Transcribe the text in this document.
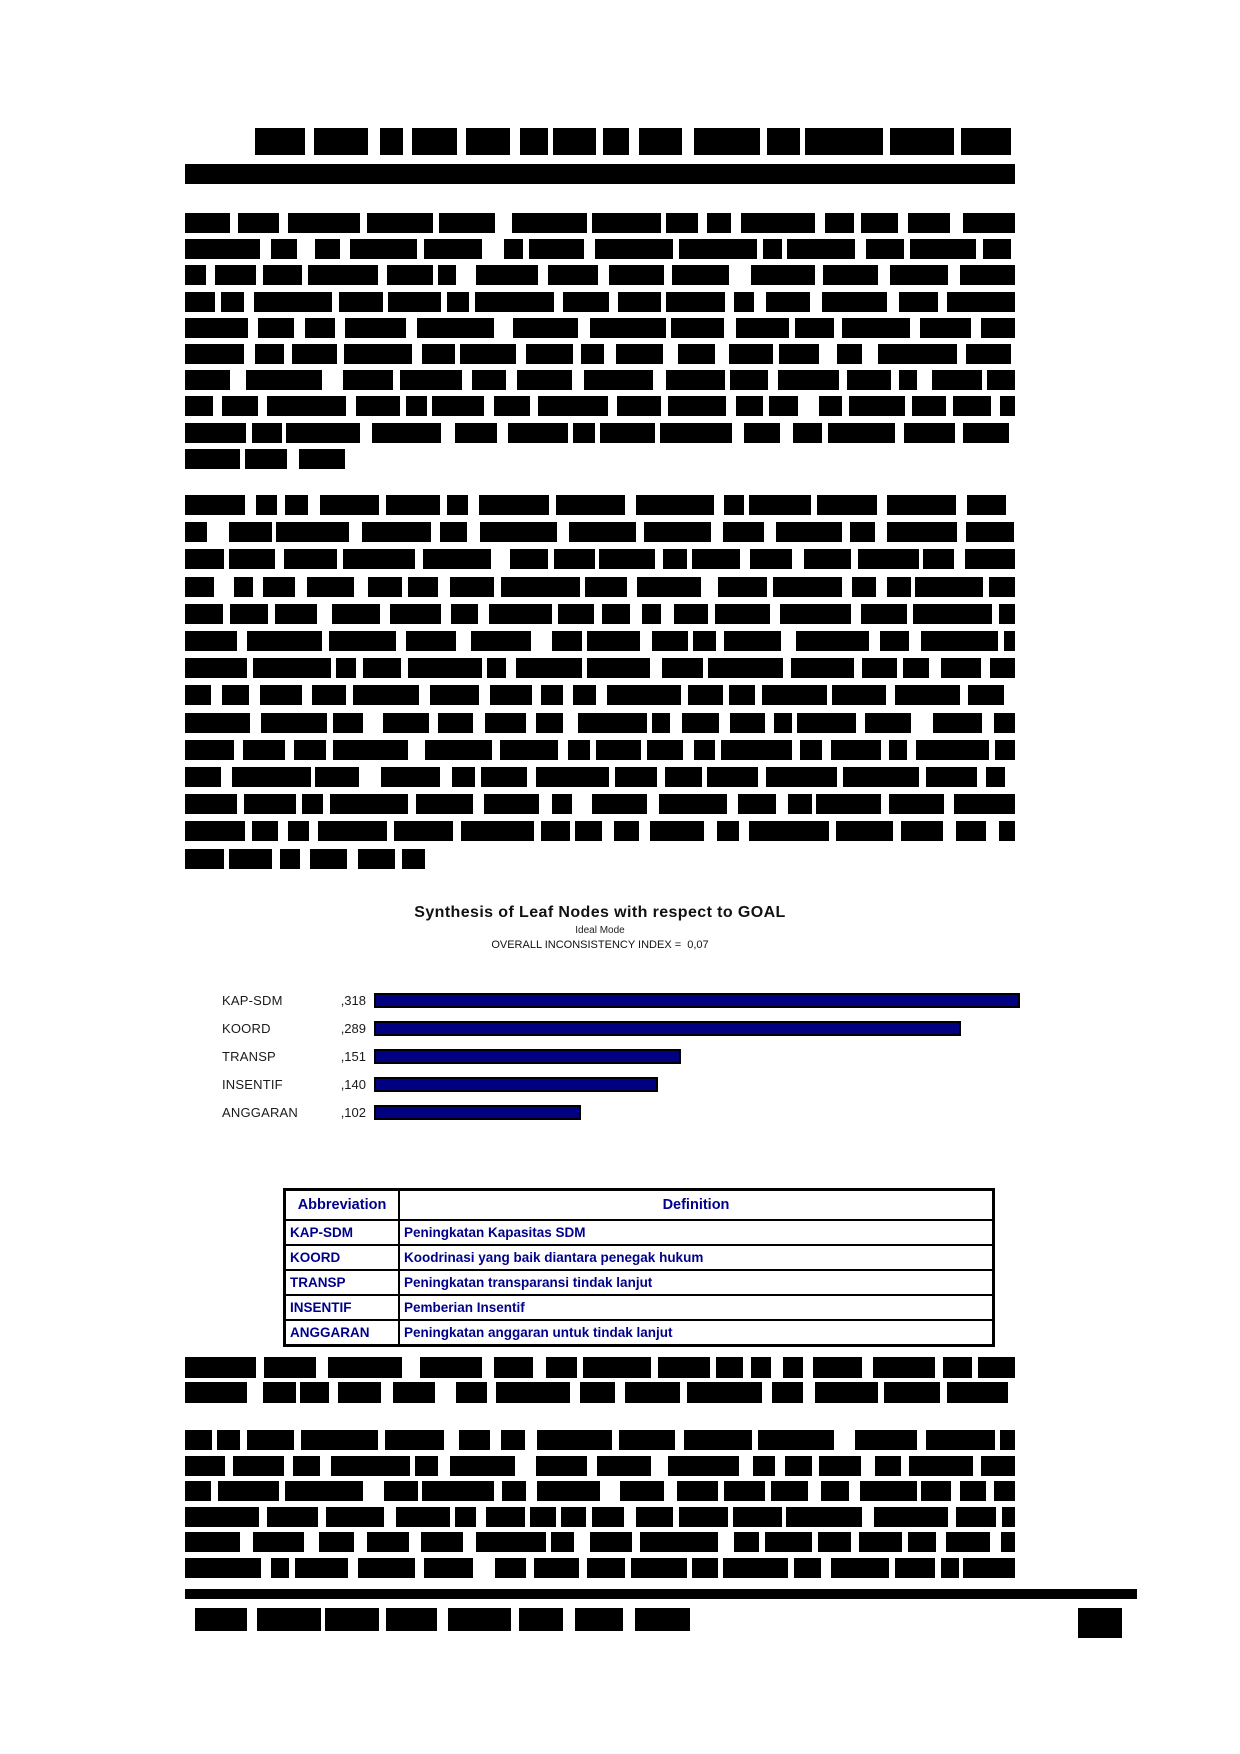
Synthesis of Leaf Nodes with respect to GOAL
Ideal Mode
OVERALL INCONSISTENCY INDEX =  0,07
KAP-SDM	,318
KOORD	,289
TRANSP	,151
INSENTIF	,140
ANGGARAN	,102
Abbreviation	Definition
KAP-SDM	Peningkatan Kapasitas SDM
KOORD	Koodrinasi yang baik diantara penegak hukum
TRANSP	Peningkatan transparansi tindak lanjut
INSENTIF	Pemberian Insentif
ANGGARAN	Peningkatan anggaran untuk tindak lanjut
